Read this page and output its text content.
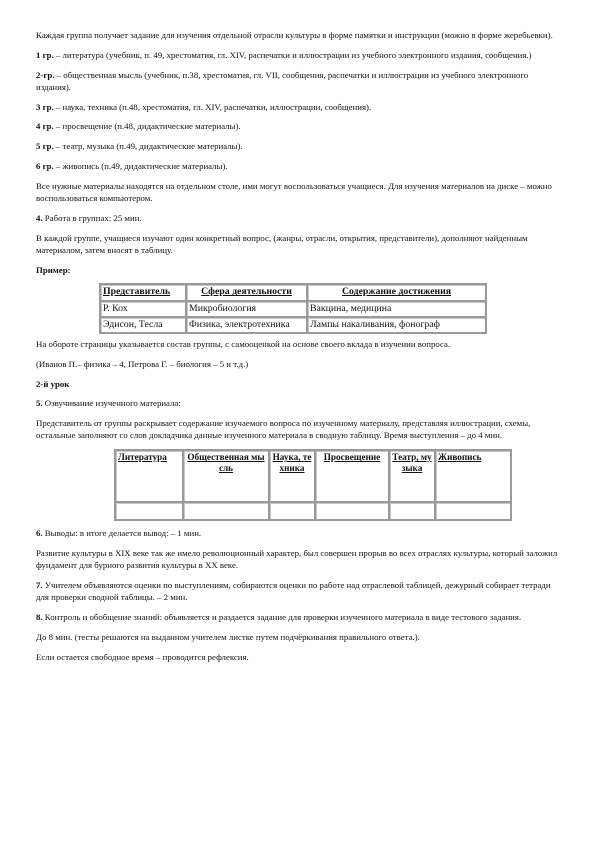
Каждая группа получает задание для изучения отдельной отрасли культуры в форме памятки и инструкции (можно в форме жеребьевки).

1 гр. – литература (учебник, п. 49, хрестоматия, гл. XIV, распечатки и иллюстрации из учебного электронного издания, сообщения.)

2-гр. – общественная мысль (учебник, п.38, хрестоматия, гл. VII, сообщения, распечатки и иллюстрации из учебного электронного издания).

3 гр. – наука, техника (п.48, хрестоматия, гл. XIV, распечатки, иллюстрации, сообщения).

4 гр. – просвещение (п.48, дидактические материалы).

5 гр. – театр, музыка (п.49, дидактические материалы).

6 гр. – живопись (п.49, дидактические материалы).

Все нужные материалы находятся на отдельном столе, ими могут воспользоваться учащиеся. Для изучения материалов на диске – можно воспользоваться компьютером.

4. Работа в группах: 25 мин.

В каждой группе, учащиеся изучают один конкретный вопрос, (жанры, отрасли, открытия, представители), дополняют найденным материалом, затем вносят в таблицу.

Пример:

Представитель	Сфера деятельности	Содержание достижения
Р. Кох	Микробиология	Вакцина, медицина
Эдисон, Тесла	Физика, электротехника	Лампы накаливания, фонограф

На обороте страницы указывается состав группы, с самооценкой на основе своего вклада в изучении вопроса.

(Иванов П.– физика – 4, Петрова Г. – биология – 5 и т.д.)

2-й урок

5. Озвучивание изученного материала:

Представитель от группы раскрывает содержание изучаемого вопроса по изученному материалу, представляя иллюстрации, схемы, остальные заполняют со слов докладчика данные изученного материала в сводную таблицу. Время выступления – до 4 мин.

Литература	Общественная мысль	Наука, техника	Просвещение	Театр, музыка	Живопись

6. Выводы: в итоге делается вывод: – 1 мин.

Развитие культуры в XIX веке так же имело революционный характер, был совершен прорыв во всех отраслях культуры, который заложил фундамент для бурного развития культуры в XX веке.

7. Учителем объявляются оценки по выступлениям, собираются оценки по работе над отраслевой таблицей, дежурный собирает тетради для проверки сводной таблицы. – 2 мин.

8. Контроль и обобщение знаний: объявляется и раздается задание для проверки изученного материала в виде тестового задания.

До 8 мин. (тесты решаются на выданном учителем листке путем подчёркивания правильного ответа.).

Если остается свободное время – проводится рефлексия.
